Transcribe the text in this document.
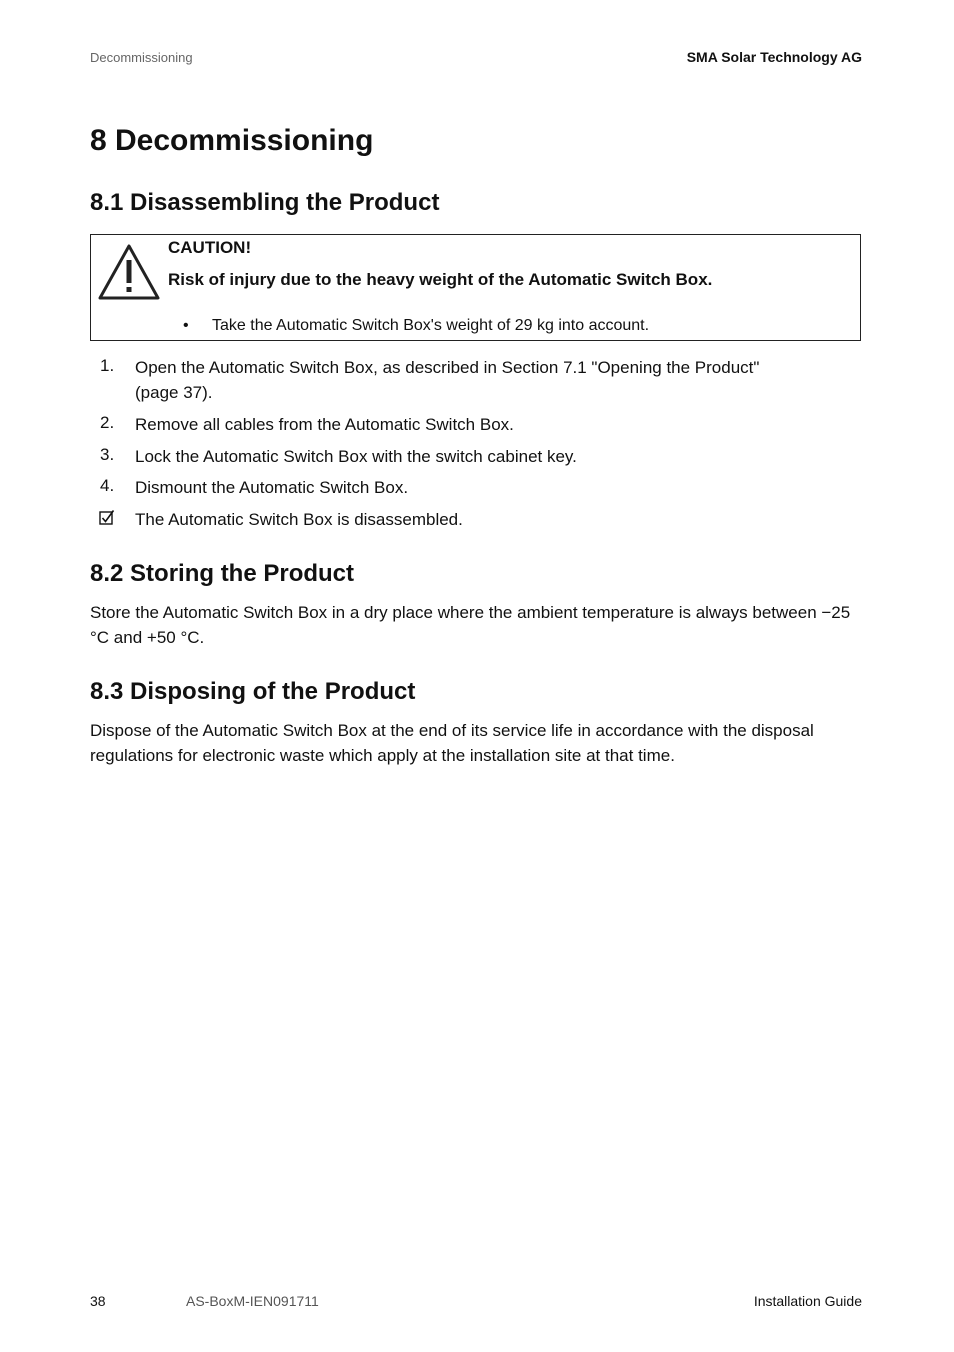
Decommissioning	SMA Solar Technology AG
8 Decommissioning
8.1 Disassembling the Product
CAUTION!
Risk of injury due to the heavy weight of the Automatic Switch Box.
• Take the Automatic Switch Box's weight of 29 kg into account.
1. Open the Automatic Switch Box, as described in Section 7.1 "Opening the Product" (page 37).
2. Remove all cables from the Automatic Switch Box.
3. Lock the Automatic Switch Box with the switch cabinet key.
4. Dismount the Automatic Switch Box.
The Automatic Switch Box is disassembled.
8.2 Storing the Product
Store the Automatic Switch Box in a dry place where the ambient temperature is always between −25 °C and +50 °C.
8.3 Disposing of the Product
Dispose of the Automatic Switch Box at the end of its service life in accordance with the disposal regulations for electronic waste which apply at the installation site at that time.
38	AS-BoxM-IEN091711	Installation Guide
